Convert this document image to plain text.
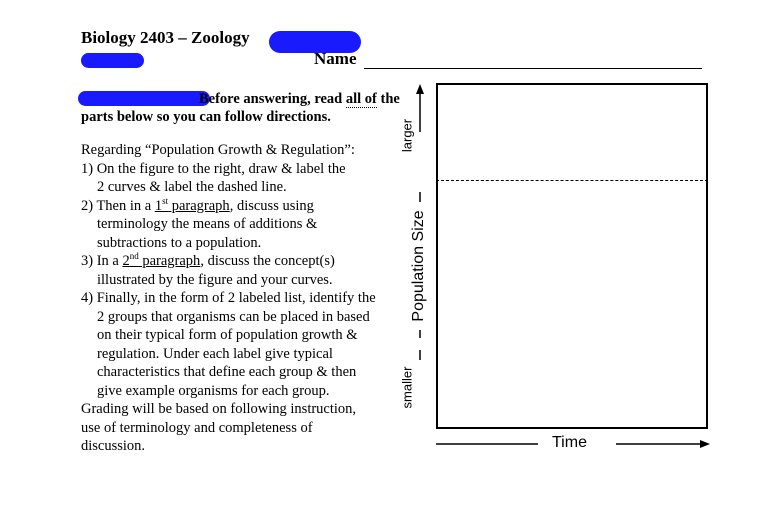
Biology 2403 – Zoology
Name
Before answering, read all of the parts below so you can follow directions.

Regarding “Population Growth & Regulation”:

1) On the figure to the right, draw & label the

2 curves & label the dashed line.

2) Then in a 1st paragraph, discuss using

terminology the means of additions &

subtractions to a population.

3) In a 2nd paragraph, discuss the concept(s)

illustrated by the figure and your curves.

4) Finally, in the form of 2 labeled list, identify the

2 groups that organisms can be placed in based

on their typical form of population growth &

regulation. Under each label give typical

characteristics that define each group & then

give example organisms for each group.

Grading will be based on following instruction,

use of terminology and completeness of

discussion.

larger
Population Size
smaller
Time
